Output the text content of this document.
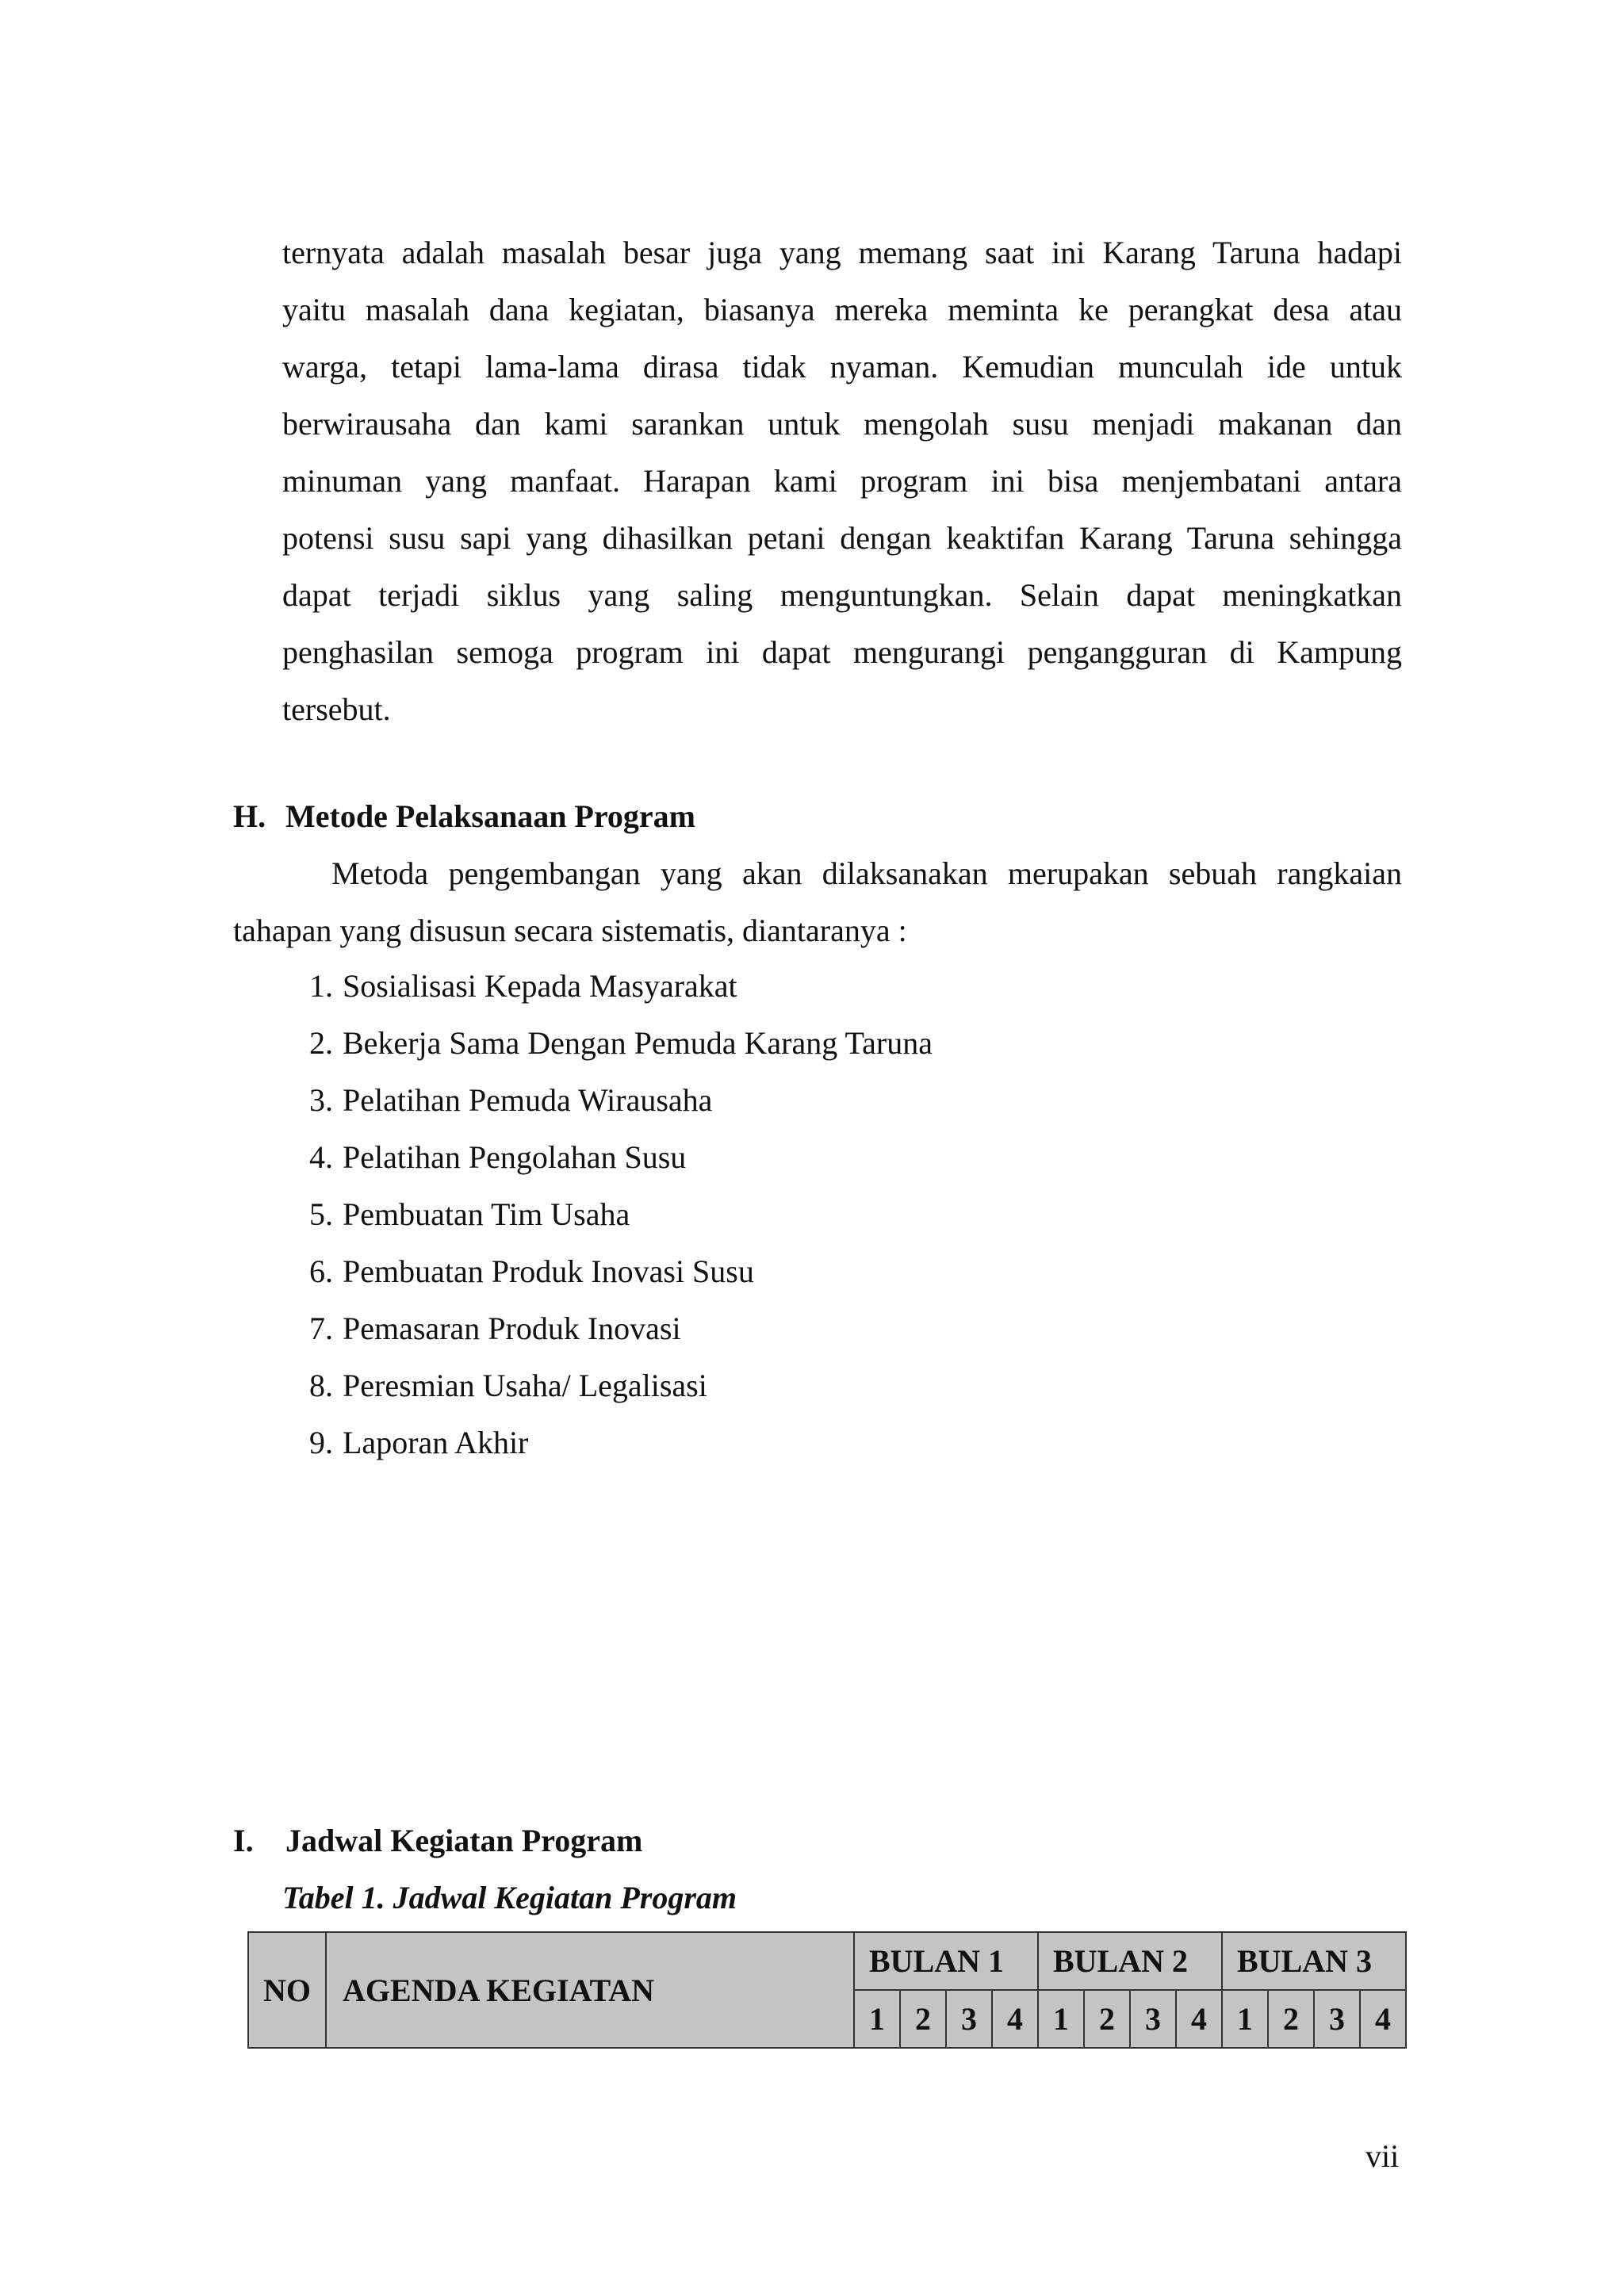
ternyata adalah masalah besar juga yang memang saat ini Karang Taruna hadapi
yaitu masalah dana kegiatan, biasanya mereka meminta ke perangkat desa atau
warga, tetapi lama-lama dirasa tidak nyaman. Kemudian munculah ide untuk
berwirausaha dan kami sarankan untuk mengolah susu menjadi makanan dan
minuman yang manfaat. Harapan kami program ini bisa menjembatani antara
potensi susu sapi yang dihasilkan petani dengan keaktifan Karang Taruna sehingga
dapat terjadi siklus yang saling menguntungkan. Selain dapat meningkatkan
penghasilan semoga program ini dapat mengurangi pengangguran di Kampung
tersebut.
H. Metode Pelaksanaan Program
Metoda pengembangan yang akan dilaksanakan merupakan sebuah rangkaian
tahapan yang disusun secara sistematis, diantaranya :
1. Sosialisasi Kepada Masyarakat
2. Bekerja Sama Dengan Pemuda Karang Taruna
3. Pelatihan Pemuda Wirausaha
4. Pelatihan Pengolahan Susu
5. Pembuatan Tim Usaha
6. Pembuatan Produk Inovasi Susu
7. Pemasaran Produk Inovasi
8. Peresmian Usaha/ Legalisasi
9. Laporan Akhir
I. Jadwal Kegiatan Program
Tabel 1. Jadwal Kegiatan Program
NO	AGENDA KEGIATAN	BULAN 1				BULAN 2				BULAN 3			
		1	2	3	4	1	2	3	4	1	2	3	4
vii
